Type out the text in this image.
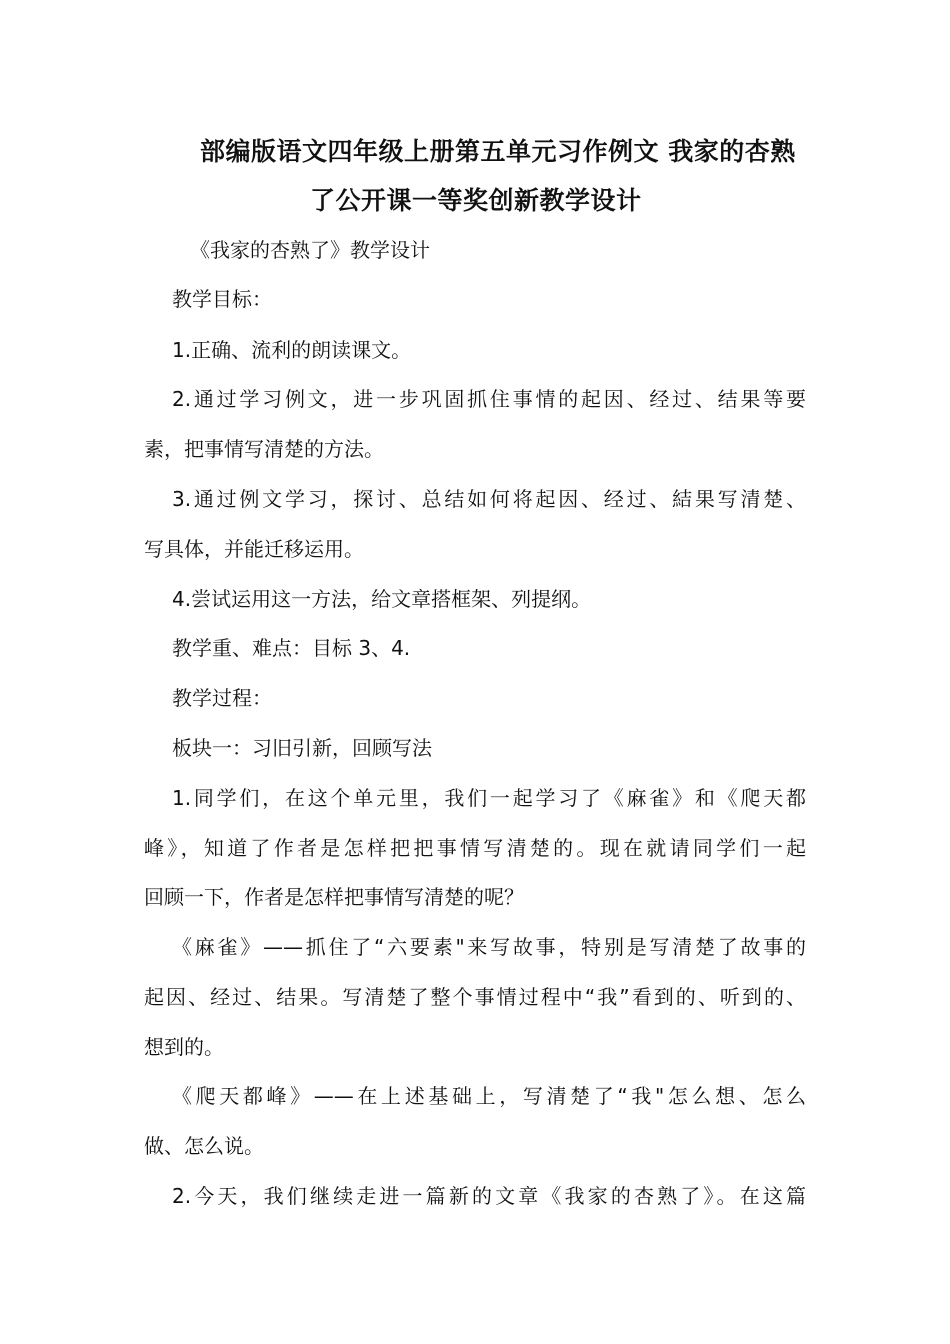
部编版语文四年级上册第五单元习作例文 我家的杏熟
了公开课一等奖创新教学设计
《我家的杏熟了》教学设计
教学目标：
1.正确、流利的朗读课文。
2.通过学习例文，进一步巩固抓住事情的起因、经过、结果等要
素，把事情写清楚的方法。
3.通过例文学习，探讨、总结如何将起因、经过、結果写清楚、
写具体，并能迁移运用。
4.尝试运用这一方法，给文章搭框架、列提纲。
教学重、难点：目标 3、4.
教学过程：
板块一：习旧引新，回顾写法
1.同学们，在这个单元里，我们一起学习了《麻雀》和《爬天都
峰》，知道了作者是怎样把把事情写清楚的。现在就请同学们一起
回顾一下，作者是怎样把事情写清楚的呢？
《麻雀》——抓住了“六要素"来写故事，特别是写清楚了故事的
起因、经过、结果。写清楚了整个事情过程中“我”看到的、听到的、
想到的。
《爬天都峰》——在上述基础上，写清楚了“我"怎么想、怎么
做、怎么说。
2.今天，我们继续走进一篇新的文章《我家的杏熟了》。在这篇
